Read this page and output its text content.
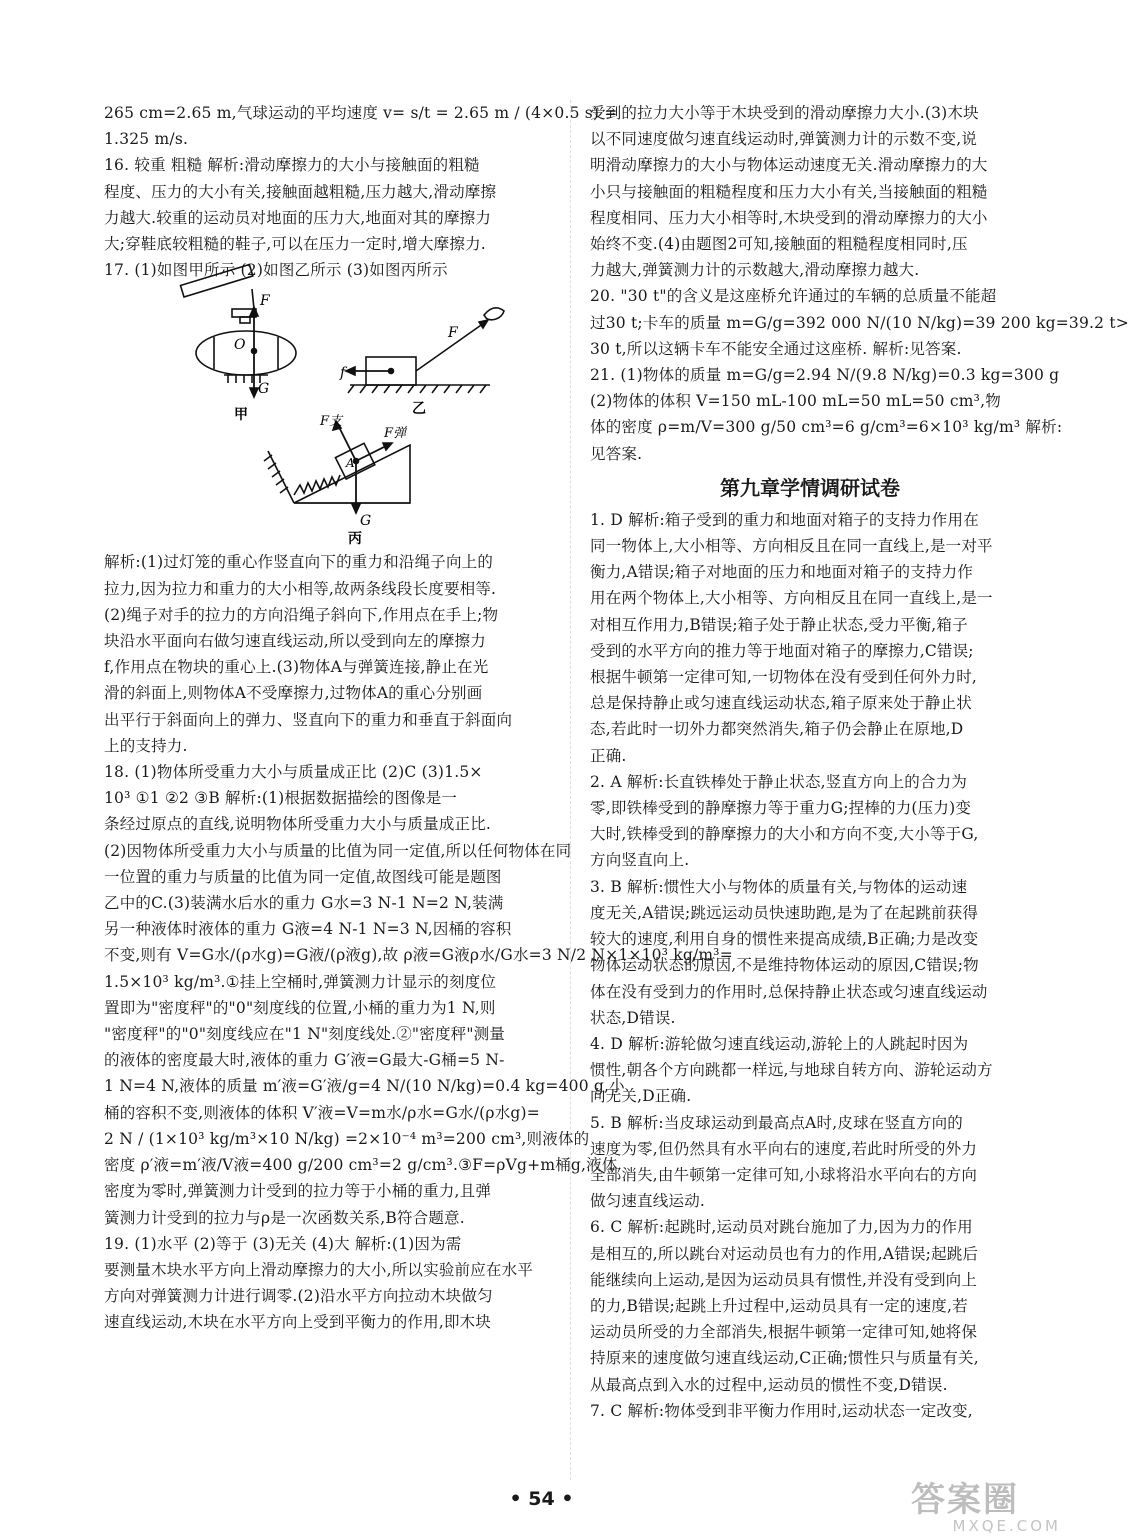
265 cm=2.65 m,气球运动的平均速度 v= s/t = 2.65 m / (4×0.5 s) =
1.325 m/s.
16. 较重 粗糙 解析:滑动摩擦力的大小与接触面的粗糙
程度、压力的大小有关,接触面越粗糙,压力越大,滑动摩擦
力越大.较重的运动员对地面的压力大,地面对其的摩擦力
大;穿鞋底较粗糙的鞋子,可以在压力一定时,增大摩擦力.
17. (1)如图甲所示 (2)如图乙所示 (3)如图丙所示
F
O
G
甲
F
f
乙
F支
F弹
A
G
丙
解析:(1)过灯笼的重心作竖直向下的重力和沿绳子向上的
拉力,因为拉力和重力的大小相等,故两条线段长度要相等.
(2)绳子对手的拉力的方向沿绳子斜向下,作用点在手上;物
块沿水平面向右做匀速直线运动,所以受到向左的摩擦力
f,作用点在物块的重心上.(3)物体A与弹簧连接,静止在光
滑的斜面上,则物体A不受摩擦力,过物体A的重心分别画
出平行于斜面向上的弹力、竖直向下的重力和垂直于斜面向
上的支持力.
18. (1)物体所受重力大小与质量成正比 (2)C (3)1.5×
10³ ①1 ②2 ③B 解析:(1)根据数据描绘的图像是一
条经过原点的直线,说明物体所受重力大小与质量成正比.
(2)因物体所受重力大小与质量的比值为同一定值,所以任何物体在同
一位置的重力与质量的比值为同一定值,故图线可能是题图
乙中的C.(3)装满水后水的重力 G水=3 N-1 N=2 N,装满
另一种液体时液体的重力 G液=4 N-1 N=3 N,因桶的容积
不变,则有 V=G水/(ρ水g)=G液/(ρ液g),故 ρ液=G液ρ水/G水=3 N/2 N×1×10³ kg/m³=
1.5×10³ kg/m³.①挂上空桶时,弹簧测力计显示的刻度位
置即为"密度秤"的"0"刻度线的位置,小桶的重力为1 N,则
"密度秤"的"0"刻度线应在"1 N"刻度线处.②"密度秤"测量
的液体的密度最大时,液体的重力 G′液=G最大-G桶=5 N-
1 N=4 N,液体的质量 m′液=G′液/g=4 N/(10 N/kg)=0.4 kg=400 g,小
桶的容积不变,则液体的体积 V′液=V=m水/ρ水=G水/(ρ水g)=
2 N / (1×10³ kg/m³×10 N/kg) =2×10⁻⁴ m³=200 cm³,则液体的
密度 ρ′液=m′液/V液=400 g/200 cm³=2 g/cm³.③F=ρVg+m桶g,液体
密度为零时,弹簧测力计受到的拉力等于小桶的重力,且弹
簧测力计受到的拉力与ρ是一次函数关系,B符合题意.
19. (1)水平 (2)等于 (3)无关 (4)大 解析:(1)因为需
要测量木块水平方向上滑动摩擦力的大小,所以实验前应在水平
方向对弹簧测力计进行调零.(2)沿水平方向拉动木块做匀
速直线运动,木块在水平方向上受到平衡力的作用,即木块
受到的拉力大小等于木块受到的滑动摩擦力大小.(3)木块
以不同速度做匀速直线运动时,弹簧测力计的示数不变,说
明滑动摩擦力的大小与物体运动速度无关.滑动摩擦力的大
小只与接触面的粗糙程度和压力大小有关,当接触面的粗糙
程度相同、压力大小相等时,木块受到的滑动摩擦力的大小
始终不变.(4)由题图2可知,接触面的粗糙程度相同时,压
力越大,弹簧测力计的示数越大,滑动摩擦力越大.
20. "30 t"的含义是这座桥允许通过的车辆的总质量不能超
过30 t;卡车的质量 m=G/g=392 000 N/(10 N/kg)=39 200 kg=39.2 t>
30 t,所以这辆卡车不能安全通过这座桥. 解析:见答案.
21. (1)物体的质量 m=G/g=2.94 N/(9.8 N/kg)=0.3 kg=300 g
(2)物体的体积 V=150 mL-100 mL=50 mL=50 cm³,物
体的密度 ρ=m/V=300 g/50 cm³=6 g/cm³=6×10³ kg/m³ 解析:
见答案.
第九章学情调研试卷
1. D 解析:箱子受到的重力和地面对箱子的支持力作用在
同一物体上,大小相等、方向相反且在同一直线上,是一对平
衡力,A错误;箱子对地面的压力和地面对箱子的支持力作
用在两个物体上,大小相等、方向相反且在同一直线上,是一
对相互作用力,B错误;箱子处于静止状态,受力平衡,箱子
受到的水平方向的推力等于地面对箱子的摩擦力,C错误;
根据牛顿第一定律可知,一切物体在没有受到任何外力时,
总是保持静止或匀速直线运动状态,箱子原来处于静止状
态,若此时一切外力都突然消失,箱子仍会静止在原地,D
正确.
2. A 解析:长直铁棒处于静止状态,竖直方向上的合力为
零,即铁棒受到的静摩擦力等于重力G;捏棒的力(压力)变
大时,铁棒受到的静摩擦力的大小和方向不变,大小等于G,
方向竖直向上.
3. B 解析:惯性大小与物体的质量有关,与物体的运动速
度无关,A错误;跳远运动员快速助跑,是为了在起跳前获得
较大的速度,利用自身的惯性来提高成绩,B正确;力是改变
物体运动状态的原因,不是维持物体运动的原因,C错误;物
体在没有受到力的作用时,总保持静止状态或匀速直线运动
状态,D错误.
4. D 解析:游轮做匀速直线运动,游轮上的人跳起时因为
惯性,朝各个方向跳都一样远,与地球自转方向、游轮运动方
向无关,D正确.
5. B 解析:当皮球运动到最高点A时,皮球在竖直方向的
速度为零,但仍然具有水平向右的速度,若此时所受的外力
全部消失,由牛顿第一定律可知,小球将沿水平向右的方向
做匀速直线运动.
6. C 解析:起跳时,运动员对跳台施加了力,因为力的作用
是相互的,所以跳台对运动员也有力的作用,A错误;起跳后
能继续向上运动,是因为运动员具有惯性,并没有受到向上
的力,B错误;起跳上升过程中,运动员具有一定的速度,若
运动员所受的力全部消失,根据牛顿第一定律可知,她将保
持原来的速度做匀速直线运动,C正确;惯性只与质量有关,
从最高点到入水的过程中,运动员的惯性不变,D错误.
7. C 解析:物体受到非平衡力作用时,运动状态一定改变,
• 54 •	答案圈
MXQE.COM
